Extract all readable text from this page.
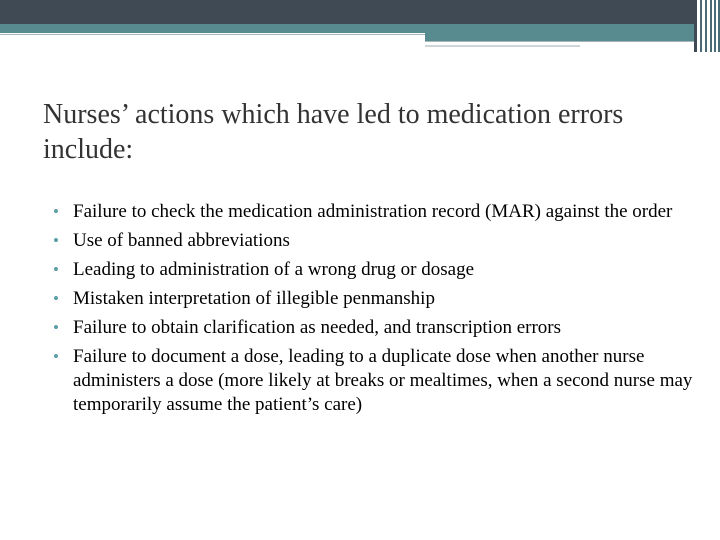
Nurses’ actions which have led to medication errors include:
• Failure to check the medication administration record (MAR) against the order
• Use of banned abbreviations
• Leading to administration of a wrong drug or dosage
• Mistaken interpretation of illegible penmanship
• Failure to obtain clarification as needed, and transcription errors
• Failure to document a dose, leading to a duplicate dose when another nurse administers a dose (more likely at breaks or mealtimes, when a second nurse may temporarily assume the patient’s care)
